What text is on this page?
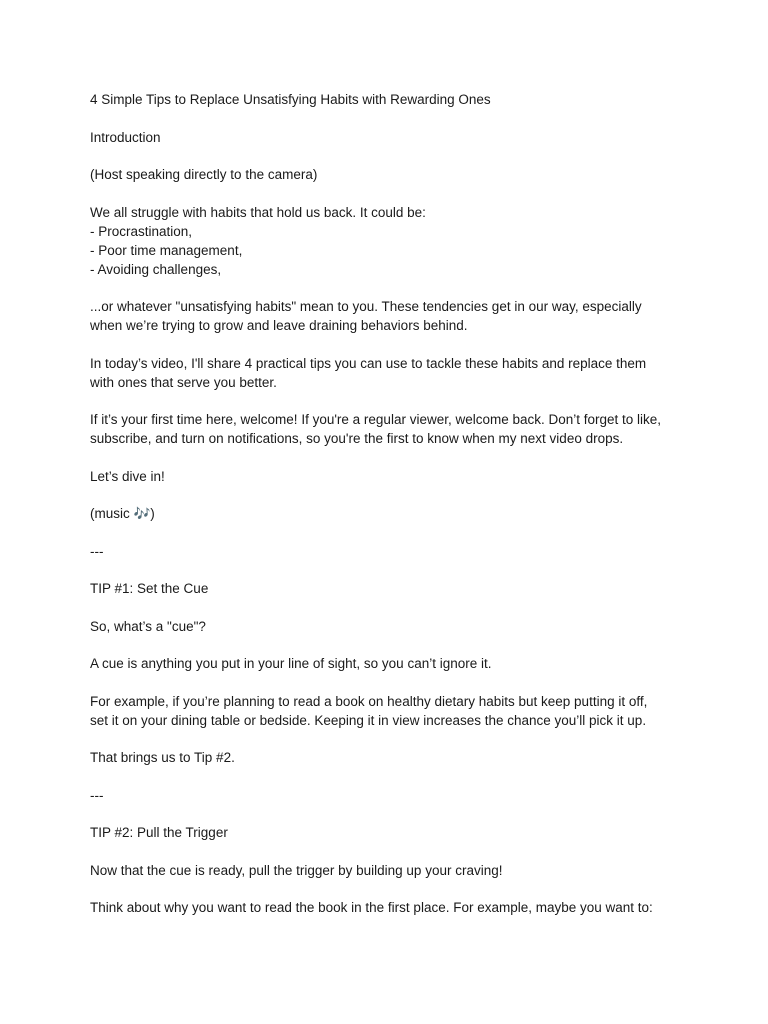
4 Simple Tips to Replace Unsatisfying Habits with Rewarding Ones

Introduction

(Host speaking directly to the camera)

We all struggle with habits that hold us back. It could be:
- Procrastination,
- Poor time management,
- Avoiding challenges,

...or whatever "unsatisfying habits" mean to you. These tendencies get in our way, especially
when we’re trying to grow and leave draining behaviors behind.

In today’s video, I'll share 4 practical tips you can use to tackle these habits and replace them
with ones that serve you better.

If it’s your first time here, welcome! If you're a regular viewer, welcome back. Don’t forget to like,
subscribe, and turn on notifications, so you're the first to know when my next video drops.

Let’s dive in!

(music 🎶)

---

TIP #1: Set the Cue

So, what’s a "cue"?

A cue is anything you put in your line of sight, so you can’t ignore it.

For example, if you’re planning to read a book on healthy dietary habits but keep putting it off,
set it on your dining table or bedside. Keeping it in view increases the chance you’ll pick it up.

That brings us to Tip #2.

---

TIP #2: Pull the Trigger

Now that the cue is ready, pull the trigger by building up your craving!

Think about why you want to read the book in the first place. For example, maybe you want to:
